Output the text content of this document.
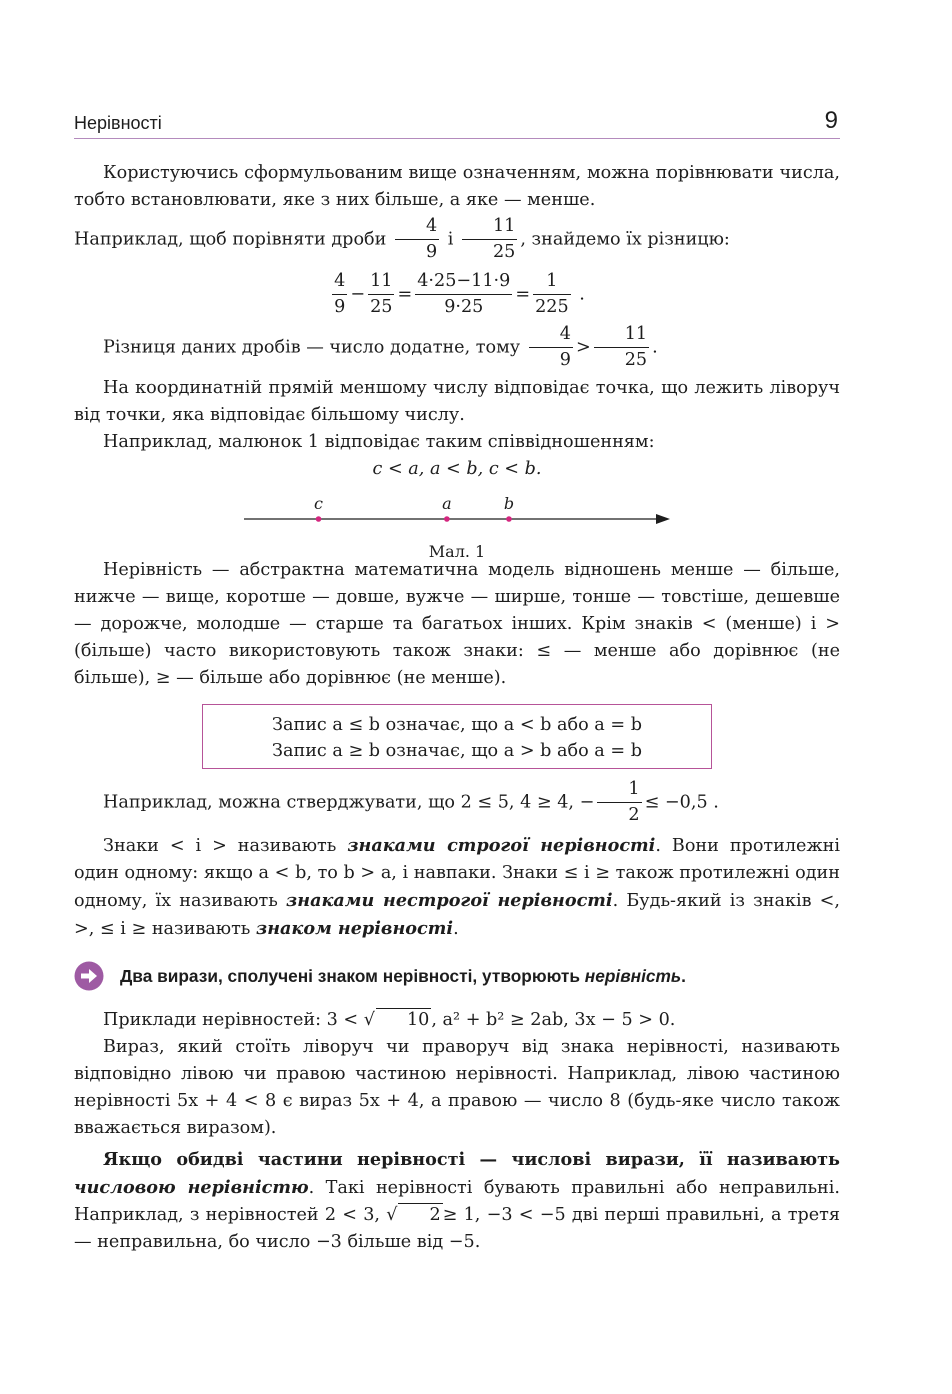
Нерівності	9

Користуючись сформульованим вище означенням, можна порівнювати числа, тобто встановлювати, яке з них більше, а яке — менше.
Наприклад, щоб порівняти дроби $\frac{4}{9}$ і $\frac{11}{25}$ , знайдемо їх різницю:

$\frac{4}{9} - \frac{11}{25} = \frac{4\cdot 25-11\cdot 9}{9\cdot 25} = \frac{1}{225}$ .

Різниця даних дробів — число додатне, тому $\frac{4}{9} > \frac{11}{25}$ .

На координатній прямій меншому числу відповідає точка, що лежить ліворуч від точки, яка відповідає більшому числу.

Наприклад, малюнок 1 відповідає таким співвідношенням:

c < a, a < b, c < b.

c	a	b
Мал. 1

Нерівність — абстрактна математична модель відношень менше — більше, нижче — вище, коротше — довше, вужче — ширше, тонше — товстіше, дешевше — дорожче, молодше — старше та багатьох інших. Крім знаків < (менше) і > (більше) часто використовують також знаки: ≤ — менше або дорівнює (не більше), ≥ — більше або дорівнює (не менше).

Запис a ≤ b означає, що a < b або a = b
Запис a ≥ b означає, що a > b або a = b

Наприклад, можна стверджувати, що 2 ≤ 5, 4 ≥ 4, − $\frac{1}{2} \le -0,5$ .

Знаки < і > називають знаками строгої нерівності. Вони протилежні один одному: якщо a < b, то b > a, і навпаки. Знаки ≤ і ≥ також протилежні один одному, їх називають знаками нестрогої нерівності. Будь-який із знаків <, >, ≤ і ≥ називають знаком нерівності.

Два вирази, сполучені знаком нерівності, утворюють нерівність.

Приклади нерівностей: 3 < √ 10 , a² + b² ≥ 2ab, 3x − 5 > 0.

Вираз, який стоїть ліворуч чи праворуч від знака нерівності, називають відповідно лівою чи правою частиною нерівності. Наприклад, лівою частиною нерівності 5x + 4 < 8 є вираз 5x + 4, а правою — число 8 (будь-яке число також вважається виразом).

Якщо обидві частини нерівності — числові вирази, її називають числовою нерівністю. Такі нерівності бувають правильні або неправильні. Наприклад, з нерівностей 2 < 3, √ 2 ≥ 1, −3 < −5 дві перші правильні, а третя — неправильна, бо число −3 більше від −5.
